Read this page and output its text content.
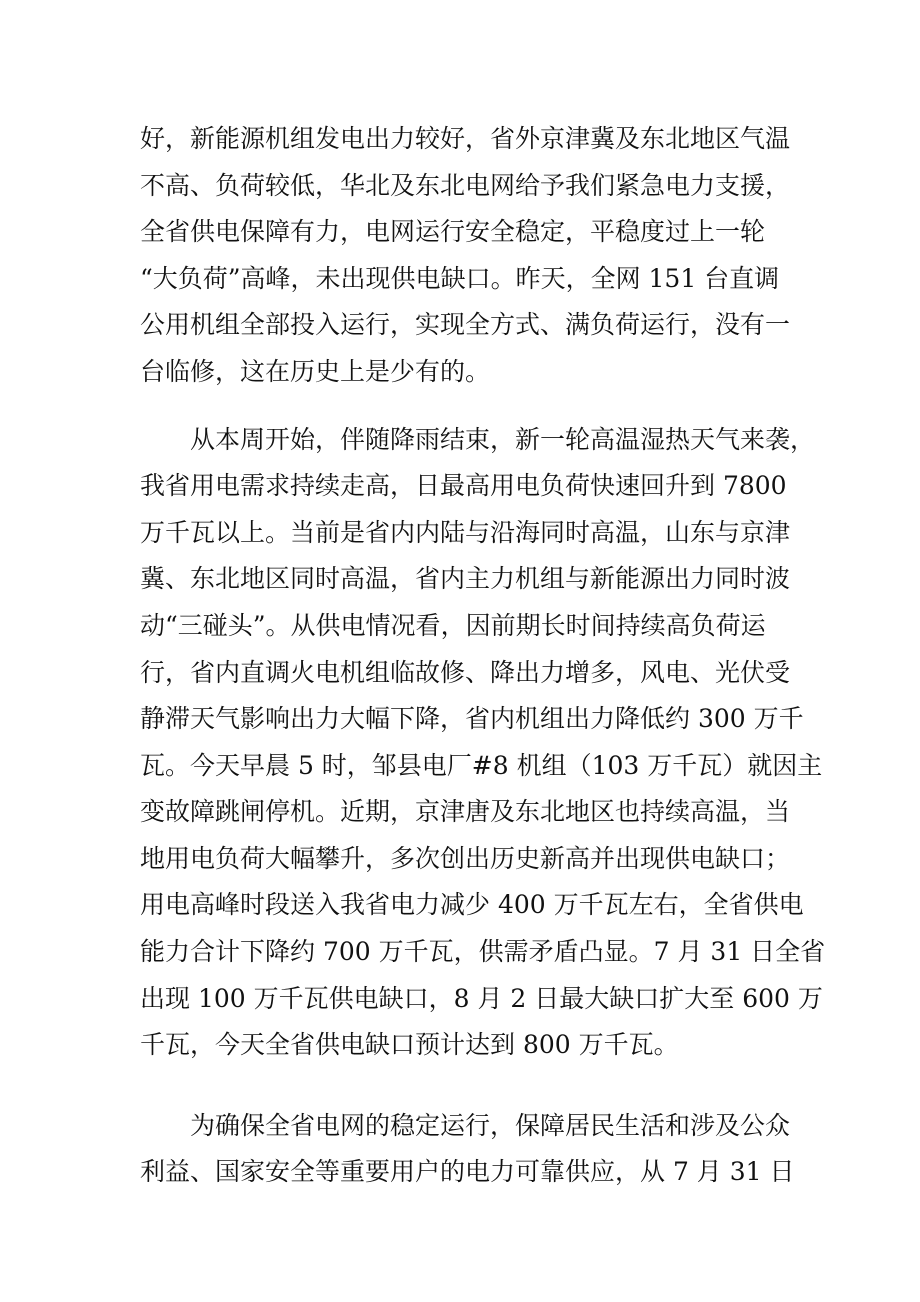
好，新能源机组发电出力较好，省外京津冀及东北地区气温
不高、负荷较低，华北及东北电网给予我们紧急电力支援，
全省供电保障有力，电网运行安全稳定，平稳度过上一轮
“大负荷”高峰，未出现供电缺口。昨天，全网 151 台直调
公用机组全部投入运行，实现全方式、满负荷运行，没有一
台临修，这在历史上是少有的。
从本周开始，伴随降雨结束，新一轮高温湿热天气来袭，
我省用电需求持续走高，日最高用电负荷快速回升到 7800
万千瓦以上。当前是省内内陆与沿海同时高温，山东与京津
冀、东北地区同时高温，省内主力机组与新能源出力同时波
动“三碰头”。从供电情况看，因前期长时间持续高负荷运
行，省内直调火电机组临故修、降出力增多，风电、光伏受
静滞天气影响出力大幅下降，省内机组出力降低约 300 万千
瓦。今天早晨 5 时，邹县电厂#8 机组（103 万千瓦）就因主
变故障跳闸停机。近期，京津唐及东北地区也持续高温，当
地用电负荷大幅攀升，多次创出历史新高并出现供电缺口；
用电高峰时段送入我省电力减少 400 万千瓦左右，全省供电
能力合计下降约 700 万千瓦，供需矛盾凸显。7 月 31 日全省
出现 100 万千瓦供电缺口，8 月 2 日最大缺口扩大至 600 万
千瓦，今天全省供电缺口预计达到 800 万千瓦。
为确保全省电网的稳定运行，保障居民生活和涉及公众
利益、国家安全等重要用户的电力可靠供应，从 7 月 31 日
